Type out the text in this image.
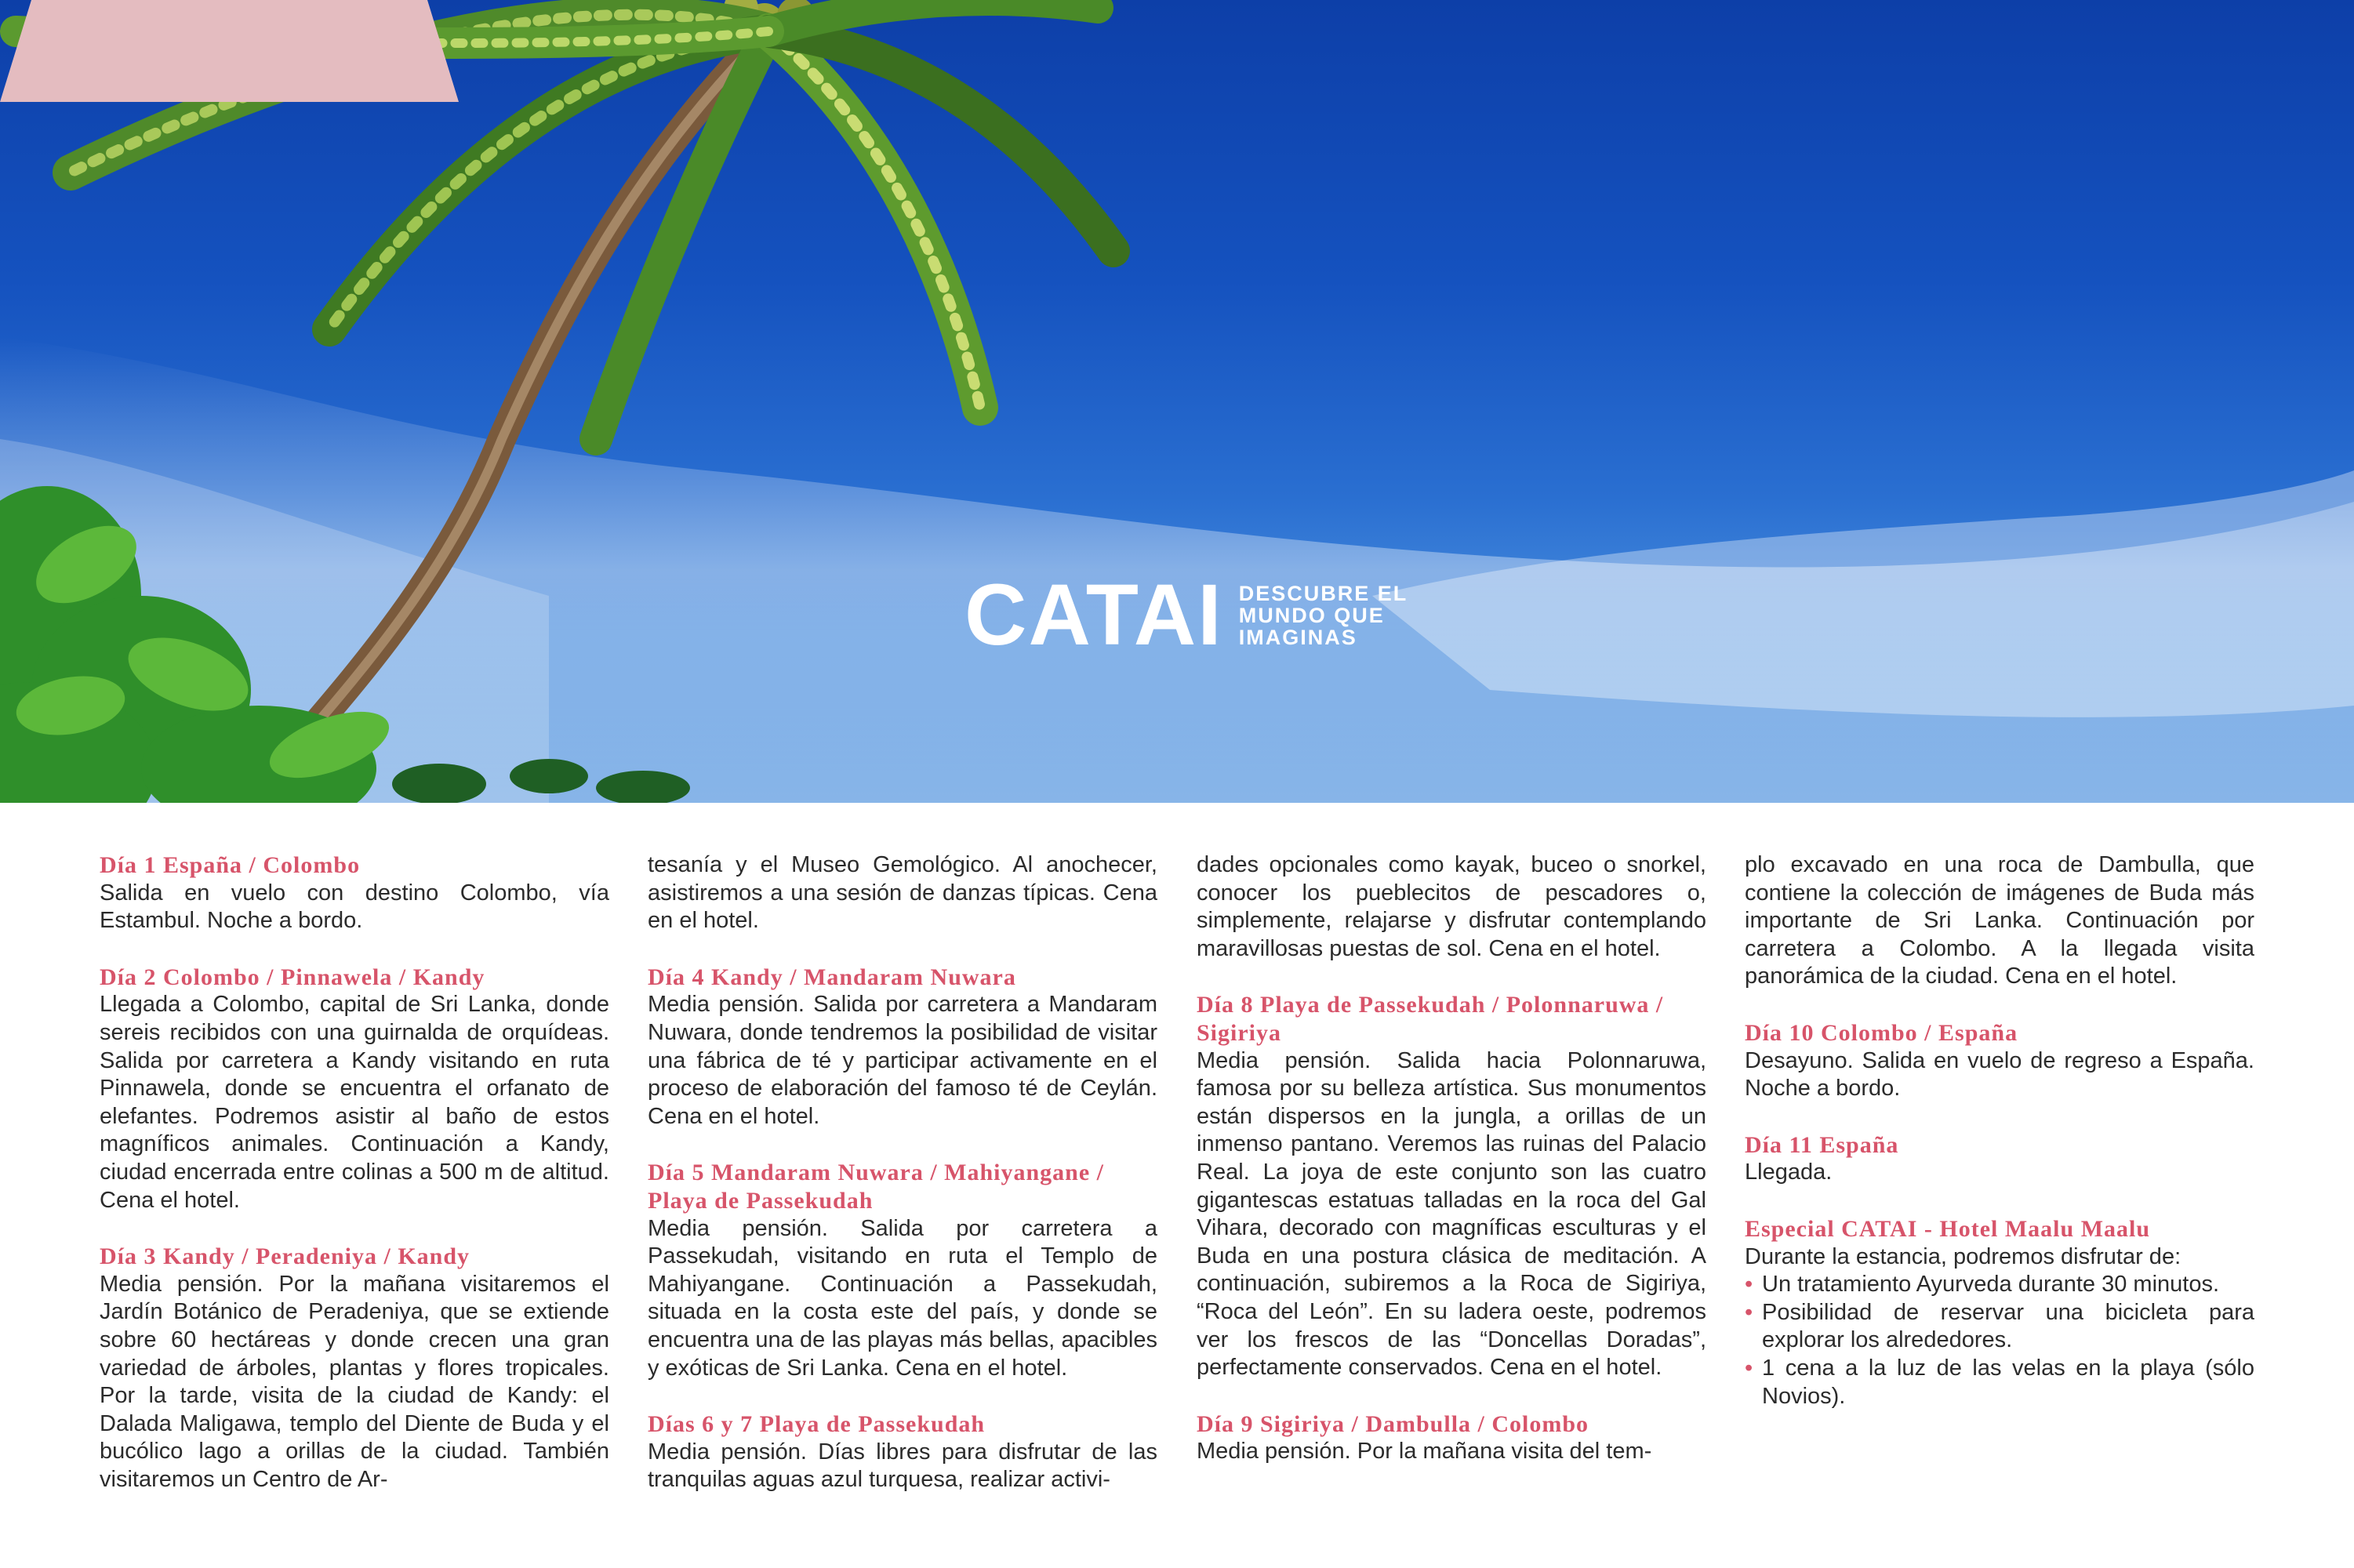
CATAI DESCUBRE EL
MUNDO QUE
IMAGINAS
Día 1 España / Colombo

Salida en vuelo con destino Colombo, vía Estambul. Noche a bordo.

Día 2 Colombo / Pinnawela / Kandy

Llegada a Colombo, capital de Sri Lanka, donde sereis recibidos con una guirnalda de orquídeas. Salida por carretera a Kandy visitando en ruta Pinnawela, donde se encuentra el orfanato de elefantes. Podremos asistir al baño de estos magníficos animales. Continuación a Kandy, ciudad encerrada entre colinas a 500 m de altitud. Cena el hotel.

Día 3 Kandy / Peradeniya / Kandy

Media pensión. Por la mañana visitaremos el Jardín Botánico de Peradeniya, que se extiende sobre 60 hectáreas y donde crecen una gran variedad de árboles, plantas y flores tropicales. Por la tarde, visita de la ciudad de Kandy: el Dalada Maligawa, templo del Diente de Buda y el bucólico lago a orillas de la ciudad. También visitaremos un Centro de Ar-

tesanía y el Museo Gemológico. Al anochecer, asistiremos a una sesión de danzas típicas. Cena en el hotel.

Día 4 Kandy / Mandaram Nuwara

Media pensión. Salida por carretera a Mandaram Nuwara, donde tendremos la posibilidad de visitar una fábrica de té y participar activamente en el proceso de elaboración del famoso té de Ceylán. Cena en el hotel.

Día 5 Mandaram Nuwara / Mahiyangane / Playa de Passekudah

Media pensión. Salida por carretera a Passekudah, visitando en ruta el Templo de Mahiyangane. Continuación a Passekudah, situada en la costa este del país, y donde se encuentra una de las playas más bellas, apacibles y exóticas de Sri Lanka. Cena en el hotel.

Días 6 y 7 Playa de Passekudah

Media pensión. Días libres para disfrutar de las tranquilas aguas azul turquesa, realizar activi-

dades opcionales como kayak, buceo o snorkel, conocer los pueblecitos de pescadores o, simplemente, relajarse y disfrutar contemplando maravillosas puestas de sol. Cena en el hotel.

Día 8 Playa de Passekudah / Polonnaruwa / Sigiriya

Media pensión. Salida hacia Polonnaruwa, famosa por su belleza artística. Sus monumentos están dispersos en la jungla, a orillas de un inmenso pantano. Veremos las ruinas del Palacio Real. La joya de este conjunto son las cuatro gigantescas estatuas talladas en la roca del Gal Vihara, decorado con magníficas esculturas y el Buda en una postura clásica de meditación. A continuación, subiremos a la Roca de Sigiriya, “Roca del León”. En su ladera oeste, podremos ver los frescos de las “Doncellas Doradas”, perfectamente conservados. Cena en el hotel.

Día 9 Sigiriya / Dambulla / Colombo

Media pensión. Por la mañana visita del tem-

plo excavado en una roca de Dambulla, que contiene la colección de imágenes de Buda más importante de Sri Lanka. Continuación por carretera a Colombo. A la llegada visita panorámica de la ciudad. Cena en el hotel.

Día 10 Colombo / España

Desayuno. Salida en vuelo de regreso a España. Noche a bordo.

Día 11 España

Llegada.

Especial CATAI - Hotel Maalu Maalu
Durante la estancia, podremos disfrutar de:
• Un tratamiento Ayurveda durante 30 minutos.
• Posibilidad de reservar una bicicleta para explorar los alrededores.
• 1 cena a la luz de las velas en la playa (sólo Novios).
